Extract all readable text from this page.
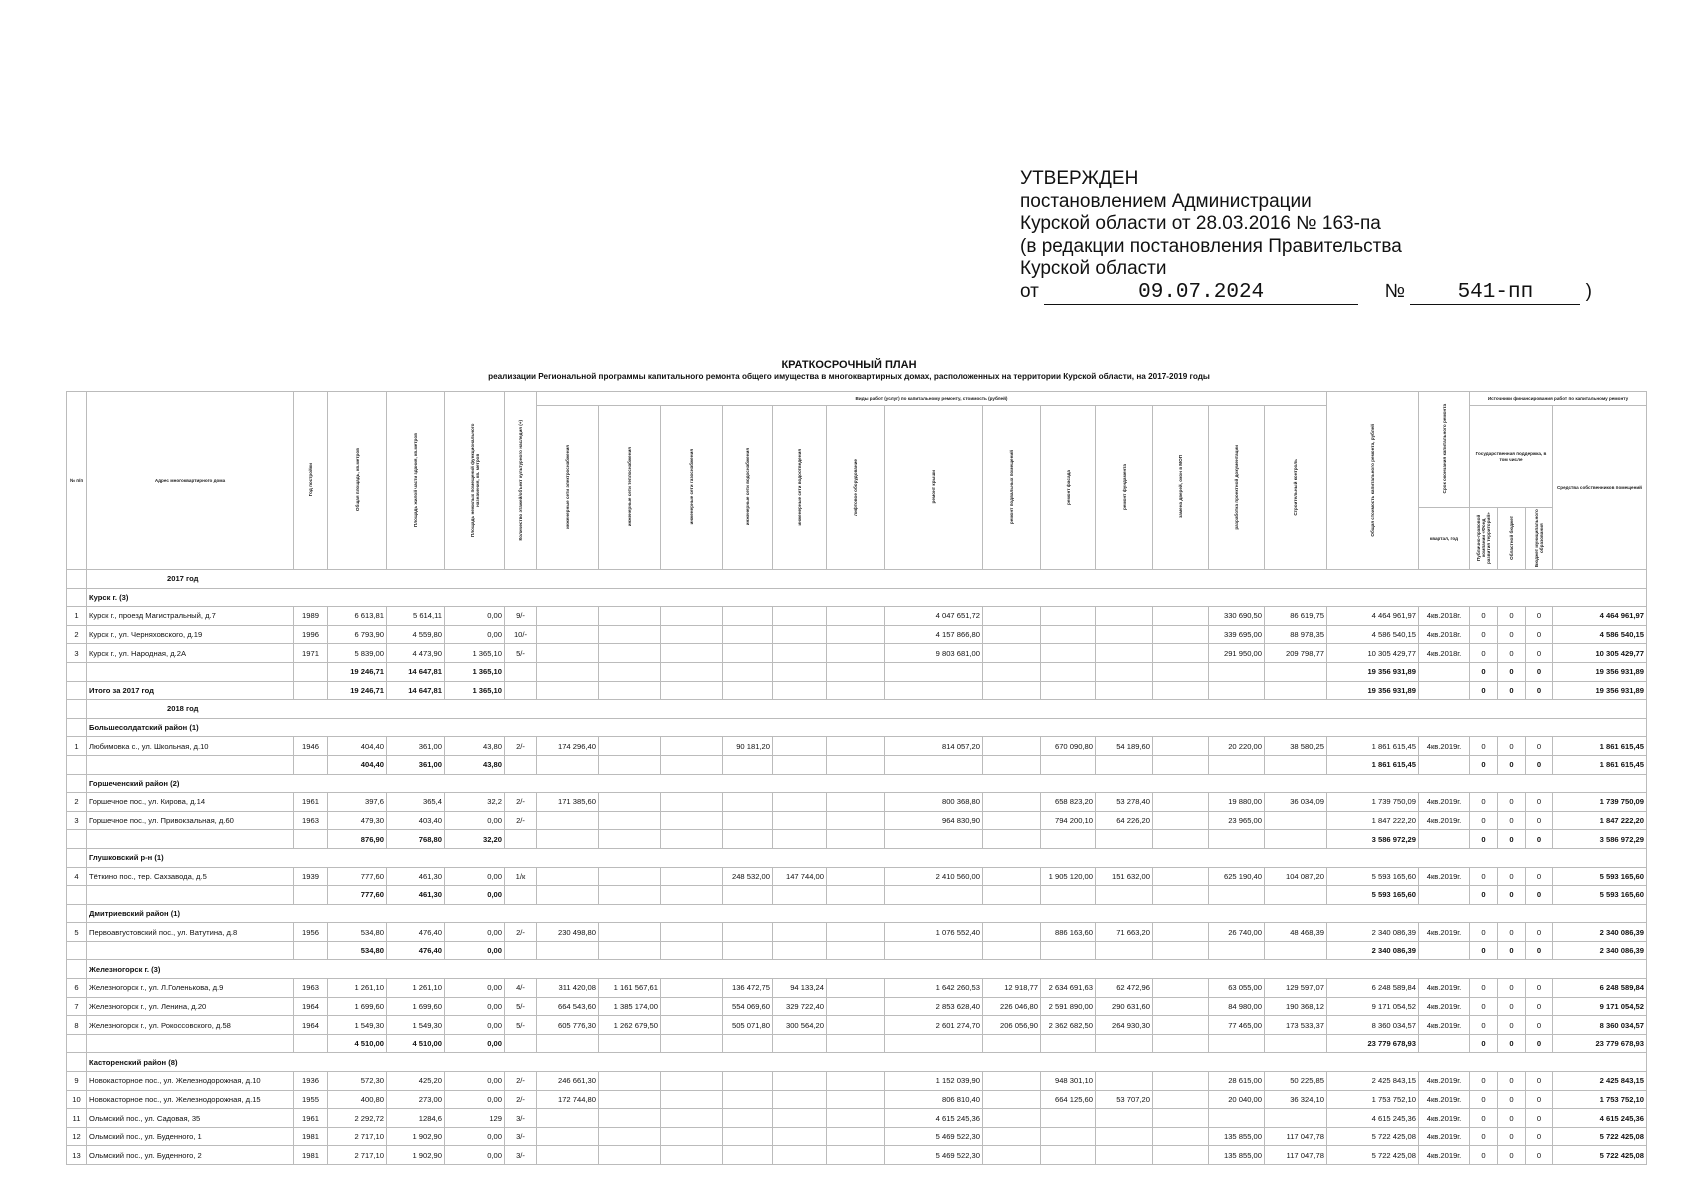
УТВЕРЖДЕН
постановлением Администрации
Курской области от 28.03.2016 № 163-па
(в редакции постановления Правительства
Курской области
от	09.07.2024	№ 541-пп	)
КРАТКОСРОЧНЫЙ ПЛАН
реализации Региональной программы капитального ремонта общего имущества в многоквартирных домах, расположенных на территории Курской области, на 2017-2019 годы
№ п/п	Адрес многоквартирного дома	Год постройки	Общая площадь, кв.метров	Площадь жилой части здания, кв.метров	Площадь нежилых помещений функционального назначения, кв. метров	Количество этажей/объект культурного наследия (+)	Виды работ (услуг) по капитальному ремонту, стоимость (рублей)													Общая стоимость капитального ремонта, рублей	Срок окончания капитального ремонта	Источники финансирования работ по капитальному ремонту			
							инженерные сети электроснабжения	инженерные сети теплоснабжения	инженерные сети газоснабжения	инженерные сети водоснабжения	инженерные сети водоотведения	лифтовое оборудование	ремонт крыши	ремонт подвальных помещений	ремонт фасада	ремонт фундамента	замена дверей, окон в МОП	разработка проектной документации	Строительный контроль			Государственная поддержка, в том числе			Средства собственников помещений
																					квартал, год	Публично-правовой компании «Фонд развития территорий»	Областной бюджет	Бюджет муниципального образования	
	2017 год																								
	Курск г. (3)																								
1	Курск г., проезд Магистральный, д.7	1989	6 613,81	5 614,11	0,00	9/-							4 047 651,72					330 690,50	86 619,75	4 464 961,97	4кв.2018г.	0	0	0	4 464 961,97
2	Курск г., ул. Черняховского, д.19	1996	6 793,90	4 559,80	0,00	10/-							4 157 866,80					339 695,00	88 978,35	4 586 540,15	4кв.2018г.	0	0	0	4 586 540,15
3	Курск г., ул. Народная, д.2А	1971	5 839,00	4 473,90	1 365,10	5/-							9 803 681,00					291 950,00	209 798,77	10 305 429,77	4кв.2018г.	0	0	0	10 305 429,77
			19 246,71	14 647,81	1 365,10															19 356 931,89		0	0	0	19 356 931,89
	Итого за 2017 год		19 246,71	14 647,81	1 365,10															19 356 931,89		0	0	0	19 356 931,89
	2018 год																								
	Большесолдатский район (1)																								
1	Любимовка с., ул. Школьная, д.10	1946	404,40	361,00	43,80	2/-	174 296,40			90 181,20			814 057,20		670 090,80	54 189,60		20 220,00	38 580,25	1 861 615,45	4кв.2019г.	0	0	0	1 861 615,45
			404,40	361,00	43,80															1 861 615,45		0	0	0	1 861 615,45
	Горшеченский район (2)																								
2	Горшечное пос., ул. Кирова, д.14	1961	397,6	365,4	32,2	2/-	171 385,60						800 368,80		658 823,20	53 278,40		19 880,00	36 034,09	1 739 750,09	4кв.2019г.	0	0	0	1 739 750,09
3	Горшечное пос., ул. Привокзальная, д.60	1963	479,30	403,40	0,00	2/-							964 830,90		794 200,10	64 226,20		23 965,00		1 847 222,20	4кв.2019г.	0	0	0	1 847 222,20
			876,90	768,80	32,20															3 586 972,29		0	0	0	3 586 972,29
	Глушковский р-н (1)																								
4	Тёткино пос., тер. Сахзавода, д.5	1939	777,60	461,30	0,00	1/к				248 532,00	147 744,00		2 410 560,00		1 905 120,00	151 632,00		625 190,40	104 087,20	5 593 165,60	4кв.2019г.	0	0	0	5 593 165,60
			777,60	461,30	0,00															5 593 165,60		0	0	0	5 593 165,60
	Дмитриевский район (1)																								
5	Первоавгустовский пос., ул. Ватутина, д.8	1956	534,80	476,40	0,00	2/-	230 498,80						1 076 552,40		886 163,60	71 663,20		26 740,00	48 468,39	2 340 086,39	4кв.2019г.	0	0	0	2 340 086,39
			534,80	476,40	0,00															2 340 086,39		0	0	0	2 340 086,39
	Железногорск г. (3)																								
6	Железногорск г., ул. Л.Голенькова, д.9	1963	1 261,10	1 261,10	0,00	4/-	311 420,08	1 161 567,61		136 472,75	94 133,24		1 642 260,53	12 918,77	2 634 691,63	62 472,96		63 055,00	129 597,07	6 248 589,84	4кв.2019г.	0	0	0	6 248 589,84
7	Железногорск г., ул. Ленина, д.20	1964	1 699,60	1 699,60	0,00	5/-	664 543,60	1 385 174,00		554 069,60	329 722,40		2 853 628,40	226 046,80	2 591 890,00	290 631,60		84 980,00	190 368,12	9 171 054,52	4кв.2019г.	0	0	0	9 171 054,52
8	Железногорск г., ул. Рокоссовского, д.58	1964	1 549,30	1 549,30	0,00	5/-	605 776,30	1 262 679,50		505 071,80	300 564,20		2 601 274,70	206 056,90	2 362 682,50	264 930,30		77 465,00	173 533,37	8 360 034,57	4кв.2019г.	0	0	0	8 360 034,57
			4 510,00	4 510,00	0,00															23 779 678,93		0	0	0	23 779 678,93
	Касторенский район (8)																								
9	Новокасторное пос., ул. Железнодорожная, д.10	1936	572,30	425,20	0,00	2/-	246 661,30						1 152 039,90		948 301,10			28 615,00	50 225,85	2 425 843,15	4кв.2019г.	0	0	0	2 425 843,15
10	Новокасторное пос., ул. Железнодорожная, д.15	1955	400,80	273,00	0,00	2/-	172 744,80						806 810,40		664 125,60	53 707,20		20 040,00	36 324,10	1 753 752,10	4кв.2019г.	0	0	0	1 753 752,10
11	Ольмский пос., ул. Садовая, 35	1961	2 292,72	1284,6	129	3/-							4 615 245,36							4 615 245,36	4кв.2019г.	0	0	0	4 615 245,36
12	Ольмский пос., ул. Буденного, 1	1981	2 717,10	1 902,90	0,00	3/-							5 469 522,30					135 855,00	117 047,78	5 722 425,08	4кв.2019г.	0	0	0	5 722 425,08
13	Ольмский пос., ул. Буденного, 2	1981	2 717,10	1 902,90	0,00	3/-							5 469 522,30					135 855,00	117 047,78	5 722 425,08	4кв.2019г.	0	0	0	5 722 425,08
